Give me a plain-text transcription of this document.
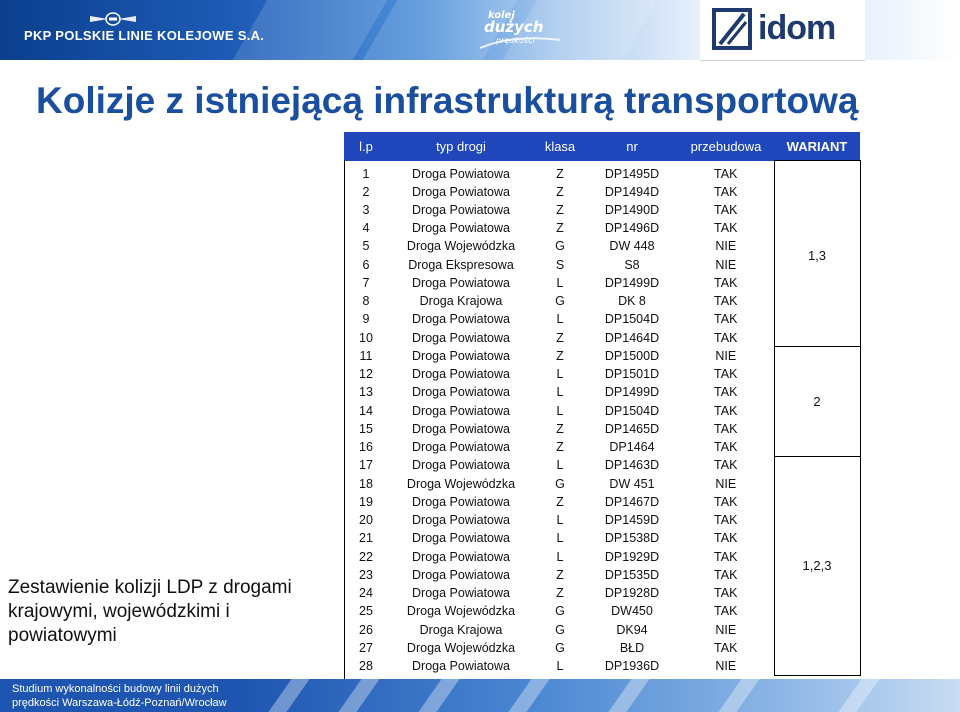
PKP POLSKIE LINIE KOLEJOWE S.A.
kolej
dużych
prędkości	idom
Kolizje z istniejącą infrastrukturą transportową

Zestawienie kolizji LDP z drogami krajowymi, wojewódzkimi i powiatowymi

l.p	typ drogi	klasa	nr	przebudowa	WARIANT
1	Droga Powiatowa	Z	DP1495D	TAK	1,3
2	Droga Powiatowa	Z	DP1494D	TAK	
3	Droga Powiatowa	Z	DP1490D	TAK	
4	Droga Powiatowa	Z	DP1496D	TAK	
5	Droga Wojewódzka	G	DW 448	NIE	
6	Droga Ekspresowa	S	S8	NIE	
7	Droga Powiatowa	L	DP1499D	TAK	
8	Droga Krajowa	G	DK 8	TAK	
9	Droga Powiatowa	L	DP1504D	TAK	
10	Droga Powiatowa	Z	DP1464D	TAK	
11	Droga Powiatowa	Z	DP1500D	NIE	2
12	Droga Powiatowa	L	DP1501D	TAK	
13	Droga Powiatowa	L	DP1499D	TAK	
14	Droga Powiatowa	L	DP1504D	TAK	
15	Droga Powiatowa	Z	DP1465D	TAK	
16	Droga Powiatowa	Z	DP1464	TAK	
17	Droga Powiatowa	L	DP1463D	TAK	1,2,3
18	Droga Wojewódzka	G	DW 451	NIE	
19	Droga Powiatowa	Z	DP1467D	TAK	
20	Droga Powiatowa	L	DP1459D	TAK	
21	Droga Powiatowa	L	DP1538D	TAK	
22	Droga Powiatowa	L	DP1929D	TAK	
23	Droga Powiatowa	Z	DP1535D	TAK	
24	Droga Powiatowa	Z	DP1928D	TAK	
25	Droga Wojewódzka	G	DW450	TAK	
26	Droga Krajowa	G	DK94	NIE	
27	Droga Wojewódzka	G	BŁD	TAK	
28	Droga Powiatowa	L	DP1936D	NIE	
Studium wykonalności budowy linii dużych
prędkości Warszawa-Łódź-Poznań/Wrocław
